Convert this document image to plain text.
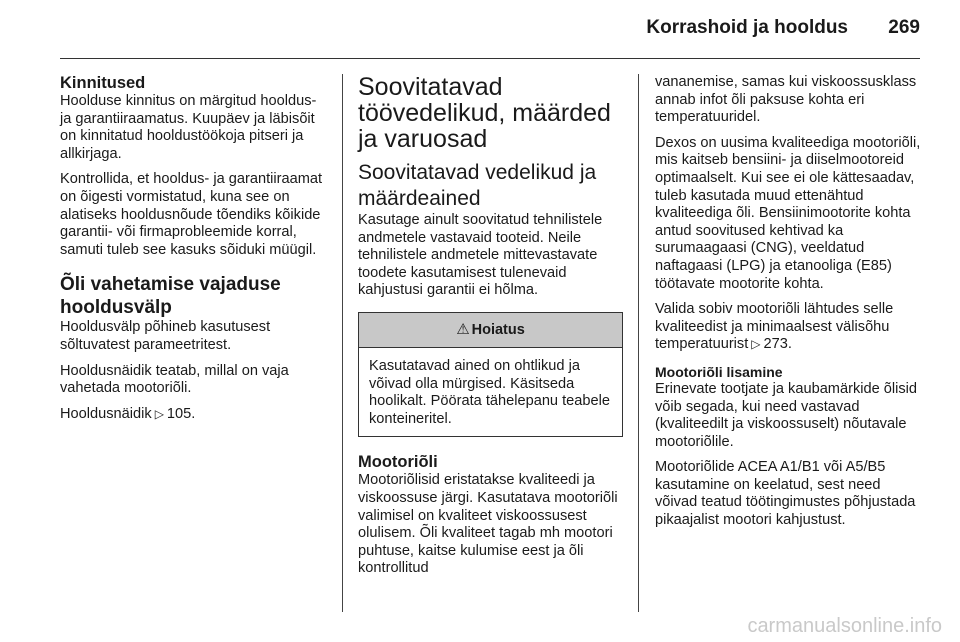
Korrashoid ja hooldus 269
Kinnitused

Hoolduse kinnitus on märgitud hooldus- ja garantiiraamatus. Kuupäev ja läbisõit on kinnitatud hooldustöökoja pitseri ja allkirjaga.

Kontrollida, et hooldus- ja garantiiraamat on õigesti vormistatud, kuna see on alatiseks hooldusnõude tõendiks kõikide garantii- või firmaprobleemide korral, samuti tuleb see kasuks sõiduki müügil.

Õli vahetamise vajaduse hooldusvälp

Hooldusvälp põhineb kasutusest sõltuvatest parameetritest.

Hooldusnäidik teatab, millal on vaja vahetada mootoriõli.

Hooldusnäidik ▷ 105.

Soovitatavad töövedelikud, määrded ja varuosad
Soovitatavad vedelikud ja määrdeained

Kasutage ainult soovitatud tehnilistele andmetele vastavaid tooteid. Neile tehnilistele andmetele mittevastavate toodete kasutamisest tulenevaid kahjustusi garantii ei hõlma.

⚠ Hoiatus

Kasutatavad ained on ohtlikud ja võivad olla mürgised. Käsitseda hoolikalt. Pöörata tähelepanu teabele konteineritel.

Mootoriõli

Mootoriõlisid eristatakse kvaliteedi ja viskoossuse järgi. Kasutatava mootoriõli valimisel on kvaliteet viskoossusest olulisem. Õli kvaliteet tagab mh mootori puhtuse, kaitse kulumise eest ja õli kontrollitud

vananemise, samas kui viskoossusklass annab infot õli paksuse kohta eri temperatuuridel.

Dexos on uusima kvaliteediga mootoriõli, mis kaitseb bensiini- ja diiselmootoreid optimaalselt. Kui see ei ole kättesaadav, tuleb kasutada muud ettenähtud kvaliteediga õli. Bensiinimootorite kohta antud soovitused kehtivad ka surumaagaasi (CNG), veeldatud naftagaasi (LPG) ja etanooliga (E85) töötavate mootorite kohta.

Valida sobiv mootoriõli lähtudes selle kvaliteedist ja minimaalsest välisõhu temperatuurist ▷ 273.

Mootoriõli lisamine

Erinevate tootjate ja kaubamärkide õlisid võib segada, kui need vastavad (kvaliteedilt ja viskoossuselt) nõutavale mootoriõlile.

Mootoriõlide ACEA A1/B1 või A5/B5 kasutamine on keelatud, sest need võivad teatud töötingimustes põhjustada pikaajalist mootori kahjustust.

carmanualsonline.info
